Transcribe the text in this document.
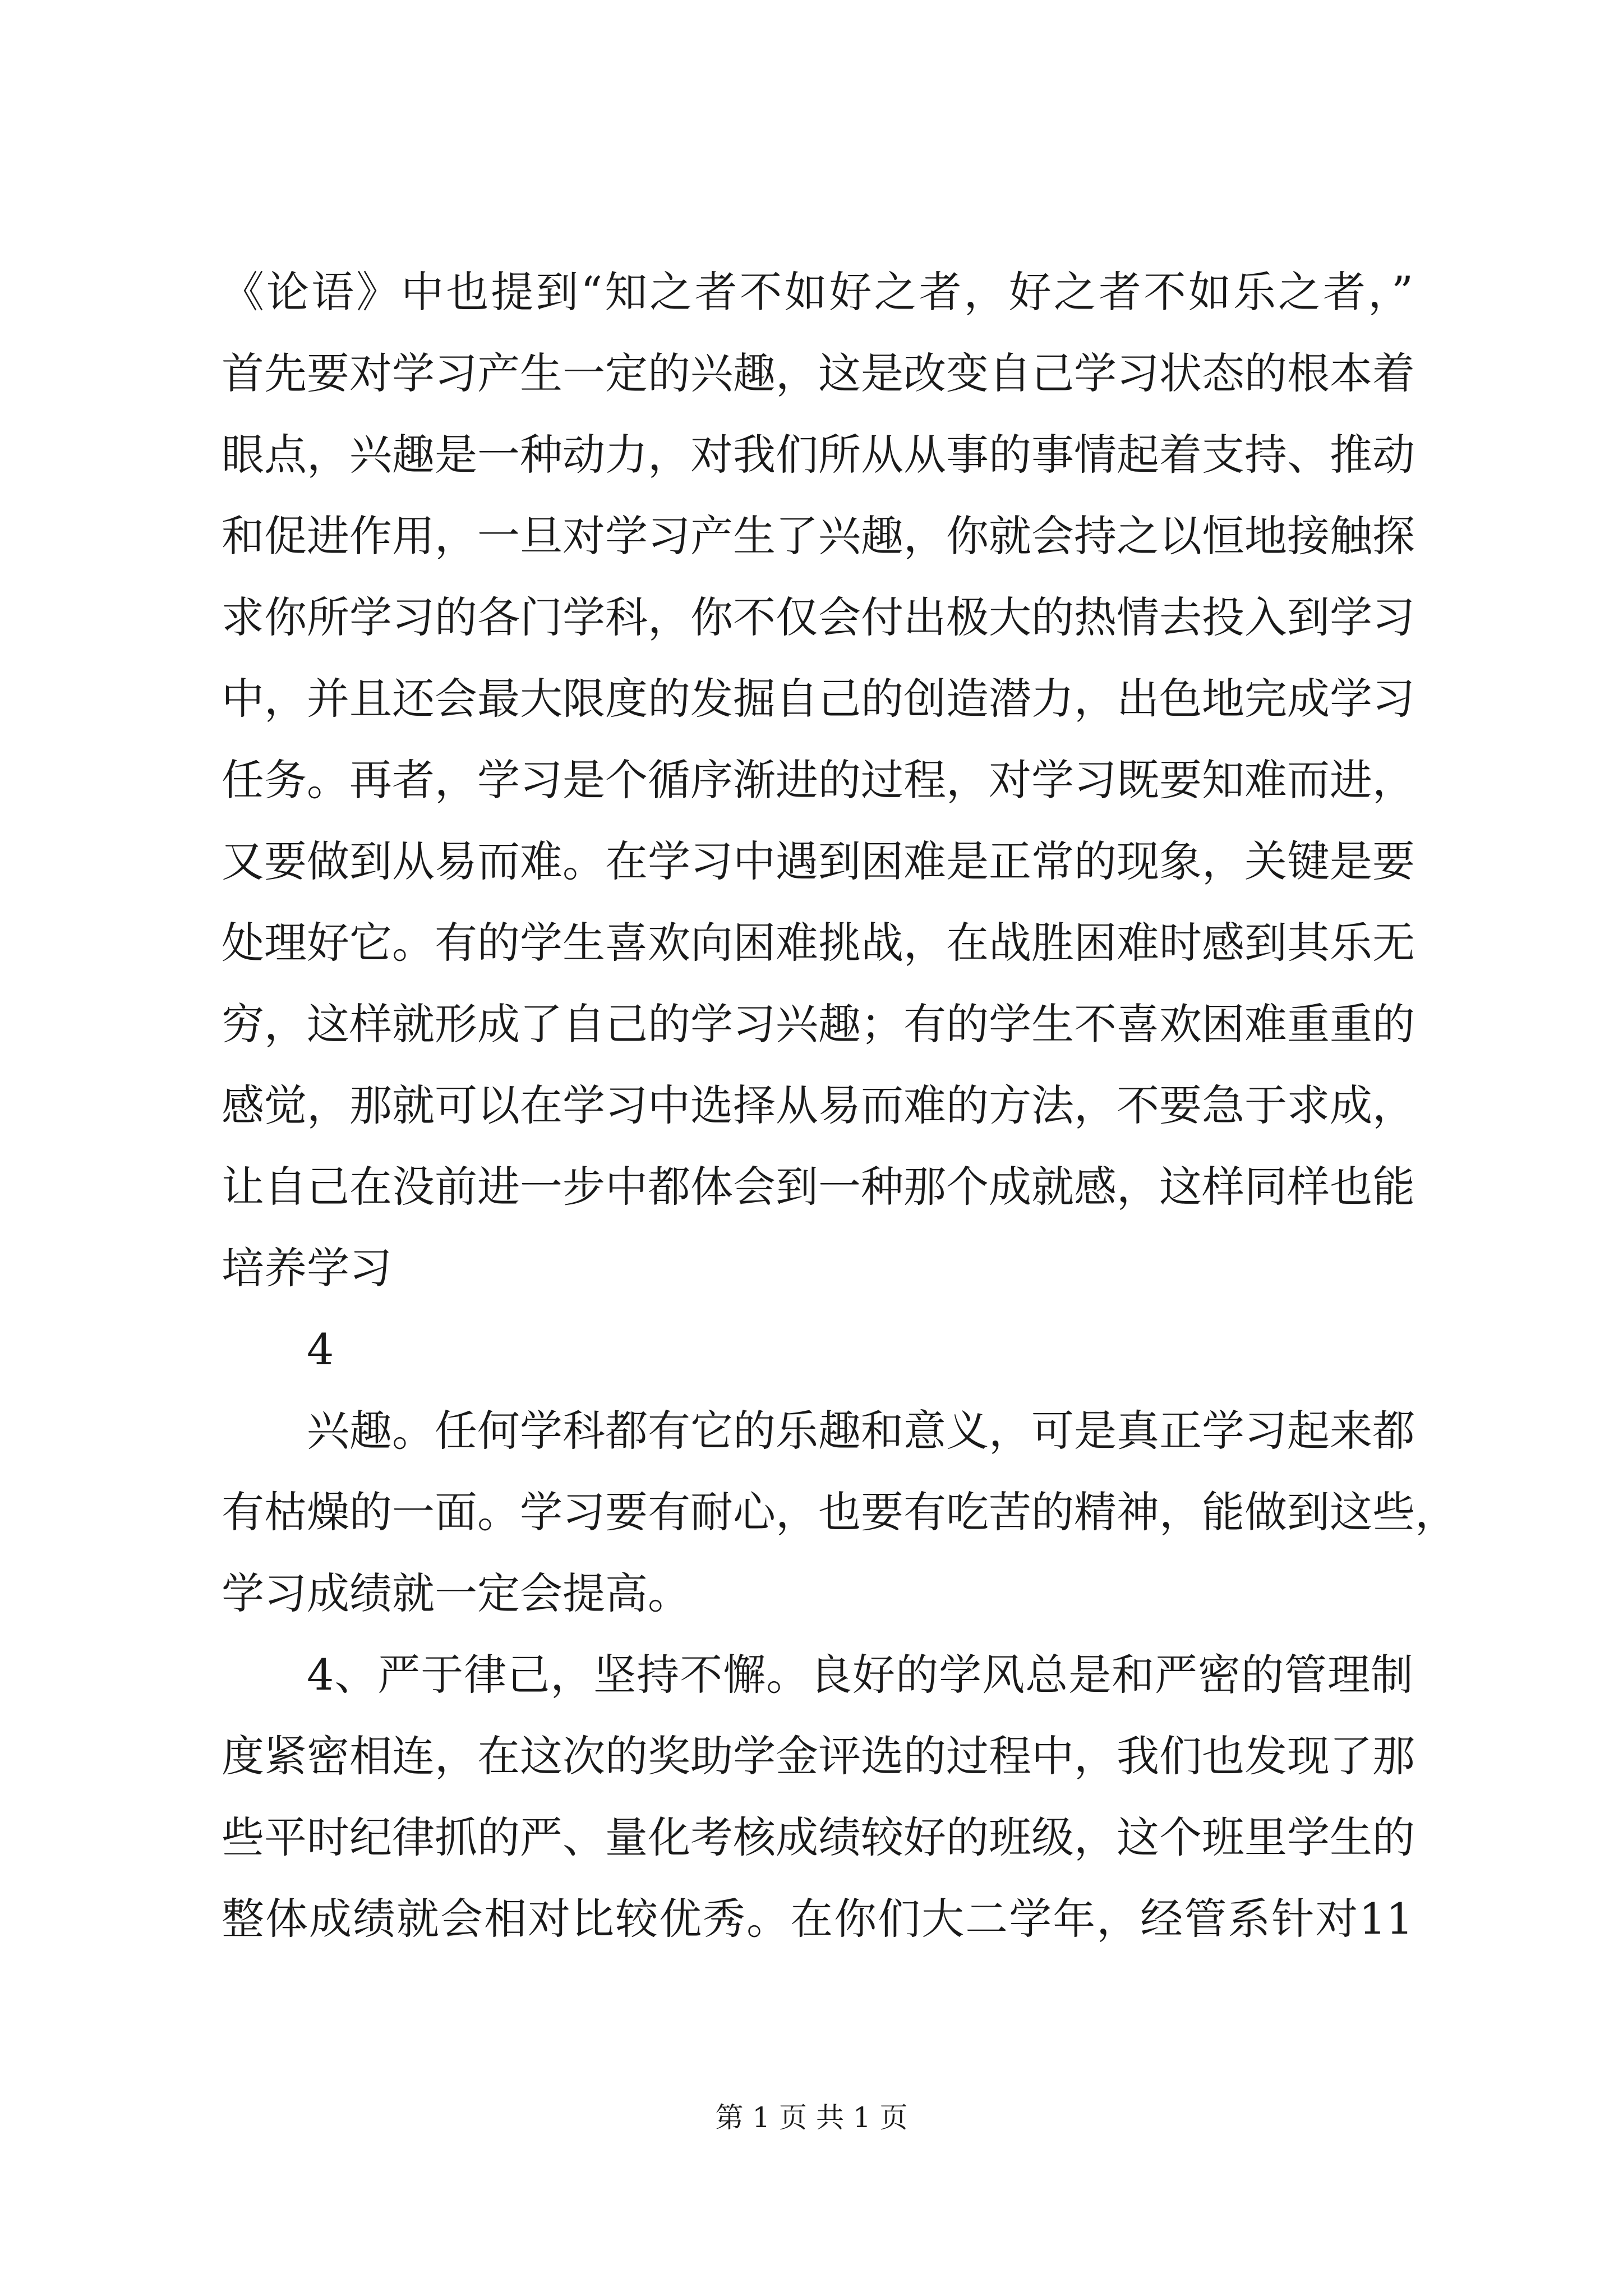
《论语》中也提到“知之者不如好之者，好之者不如乐之者，”
首先要对学习产生一定的兴趣，这是改变自己学习状态的根本着
眼点，兴趣是一种动力，对我们所从从事的事情起着支持、推动
和促进作用，一旦对学习产生了兴趣，你就会持之以恒地接触探
求你所学习的各门学科，你不仅会付出极大的热情去投入到学习
中，并且还会最大限度的发掘自己的创造潜力，出色地完成学习
任务。再者，学习是个循序渐进的过程，对学习既要知难而进，
又要做到从易而难。在学习中遇到困难是正常的现象，关键是要
处理好它。有的学生喜欢向困难挑战，在战胜困难时感到其乐无
穷，这样就形成了自己的学习兴趣；有的学生不喜欢困难重重的
感觉，那就可以在学习中选择从易而难的方法，不要急于求成，
让自己在没前进一步中都体会到一种那个成就感，这样同样也能
培养学习
4
兴趣。任何学科都有它的乐趣和意义，可是真正学习起来都
有枯燥的一面。学习要有耐心，也要有吃苦的精神，能做到这些，
学习成绩就一定会提高。
4、严于律己，坚持不懈。良好的学风总是和严密的管理制
度紧密相连，在这次的奖助学金评选的过程中，我们也发现了那
些平时纪律抓的严、量化考核成绩较好的班级，这个班里学生的
整体成绩就会相对比较优秀。在你们大二学年，经管系针对11
第 1 页 共 1 页
